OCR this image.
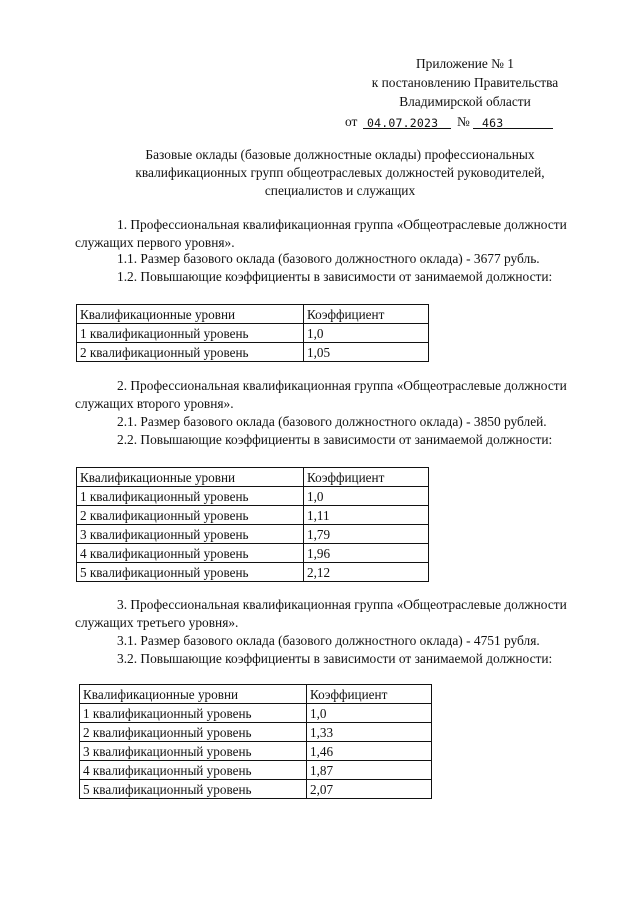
Приложение № 1
к постановлению Правительства
Владимирской области
от 04.07.2023 № 463
Базовые оклады (базовые должностные оклады) профессиональных
квалификационных групп общеотраслевых должностей руководителей,
специалистов и служащих
1. Профессиональная квалификационная группа «Общеотраслевые должности
служащих первого уровня».
1.1. Размер базового оклада (базового должностного оклада) - 3677 рубль.
1.2. Повышающие коэффициенты в зависимости от занимаемой должности:
Квалификационные уровни	Коэффициент
1 квалификационный уровень	1,0
2 квалификационный уровень	1,05
2. Профессиональная квалификационная группа «Общеотраслевые должности
служащих второго уровня».
2.1. Размер базового оклада (базового должностного оклада) - 3850 рублей.
2.2. Повышающие коэффициенты в зависимости от занимаемой должности:
Квалификационные уровни	Коэффициент
1 квалификационный уровень	1,0
2 квалификационный уровень	1,11
3 квалификационный уровень	1,79
4 квалификационный уровень	1,96
5 квалификационный уровень	2,12
3. Профессиональная квалификационная группа «Общеотраслевые должности
служащих третьего уровня».
3.1. Размер базового оклада (базового должностного оклада) - 4751 рубля.
3.2. Повышающие коэффициенты в зависимости от занимаемой должности:
Квалификационные уровни	Коэффициент
1 квалификационный уровень	1,0
2 квалификационный уровень	1,33
3 квалификационный уровень	1,46
4 квалификационный уровень	1,87
5 квалификационный уровень	2,07
